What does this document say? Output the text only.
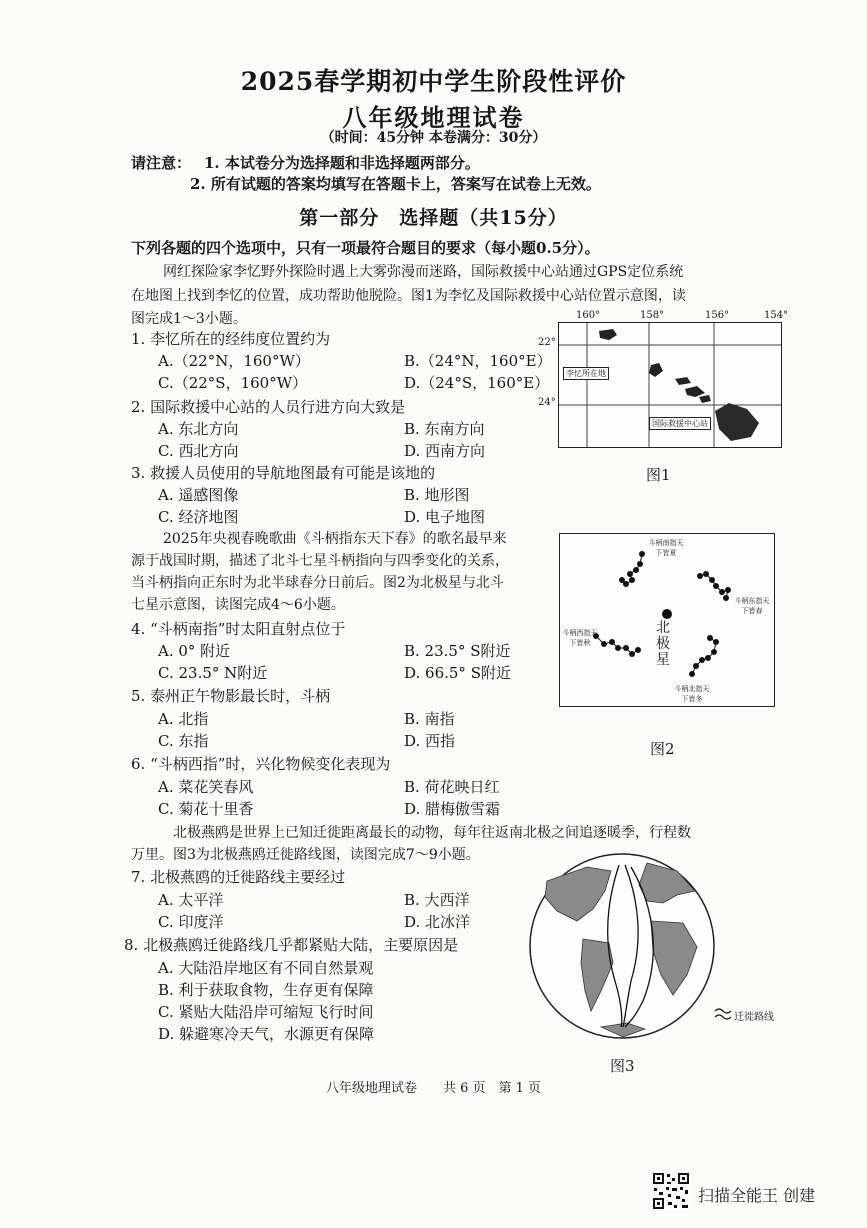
2025春学期初中学生阶段性评价
八年级地理试卷
（时间：45分钟 本卷满分：30分）
请注意： 1. 本试卷分为选择题和非选择题两部分。
2. 所有试题的答案均填写在答题卡上，答案写在试卷上无效。
第一部分　选择题（共15分）
下列各题的四个选项中，只有一项最符合题目的要求（每小题0.5分）。
网红探险家李忆野外探险时遇上大雾弥漫而迷路，国际救援中心站通过GPS定位系统
在地图上找到李忆的位置，成功帮助他脱险。图1为李忆及国际救援中心站位置示意图，读
图完成1～3小题。
1. 李忆所在的经纬度位置约为
A.（22°N，160°W）	B.（24°N，160°E）
C.（22°S，160°W）	D.（24°S，160°E）
2. 国际救援中心站的人员行进方向大致是
A. 东北方向	B. 东南方向
C. 西北方向	D. 西南方向
3. 救援人员使用的导航地图最有可能是该地的
A. 遥感图像	B. 地形图
C. 经济地图	D. 电子地图
2025年央视春晚歌曲《斗柄指东天下春》的歌名最早来
源于战国时期，描述了北斗七星斗柄指向与四季变化的关系，
当斗柄指向正东时为北半球春分日前后。图2为北极星与北斗
七星示意图，读图完成4～6小题。
4. “斗柄南指”时太阳直射点位于
A. 0° 附近	B. 23.5° S附近
C. 23.5° N附近	D. 66.5° S附近
5. 泰州正午物影最长时，斗柄
A. 北指	B. 南指
C. 东指	D. 西指
6. “斗柄西指”时，兴化物候变化表现为
A. 菜花笑春风	B. 荷花映日红
C. 菊花十里香	D. 腊梅傲雪霜
北极燕鸥是世界上已知迁徙距离最长的动物，每年往返南北极之间追逐暖季，行程数
万里。图3为北极燕鸥迁徙路线图，读图完成7～9小题。
7. 北极燕鸥的迁徙路线主要经过
A. 太平洋	B. 大西洋
C. 印度洋	D. 北冰洋
8. 北极燕鸥迁徙路线几乎都紧贴大陆，主要原因是
A. 大陆沿岸地区有不同自然景观
B. 利于获取食物，生存更有保障
C. 紧贴大陆沿岸可缩短飞行时间
D. 躲避寒冷天气，水源更有保障
李忆所在地
国际救援中心站
160°	158°	156°	154°
22°
24°
图1
北极星
斗柄南指天下皆夏
斗柄东指天下皆春
斗柄西指天下皆秋
斗柄北指天下皆冬
图2
迁徙路线
图3
八年级地理试卷　　共 6 页　第 1 页
扫描全能王 创建
